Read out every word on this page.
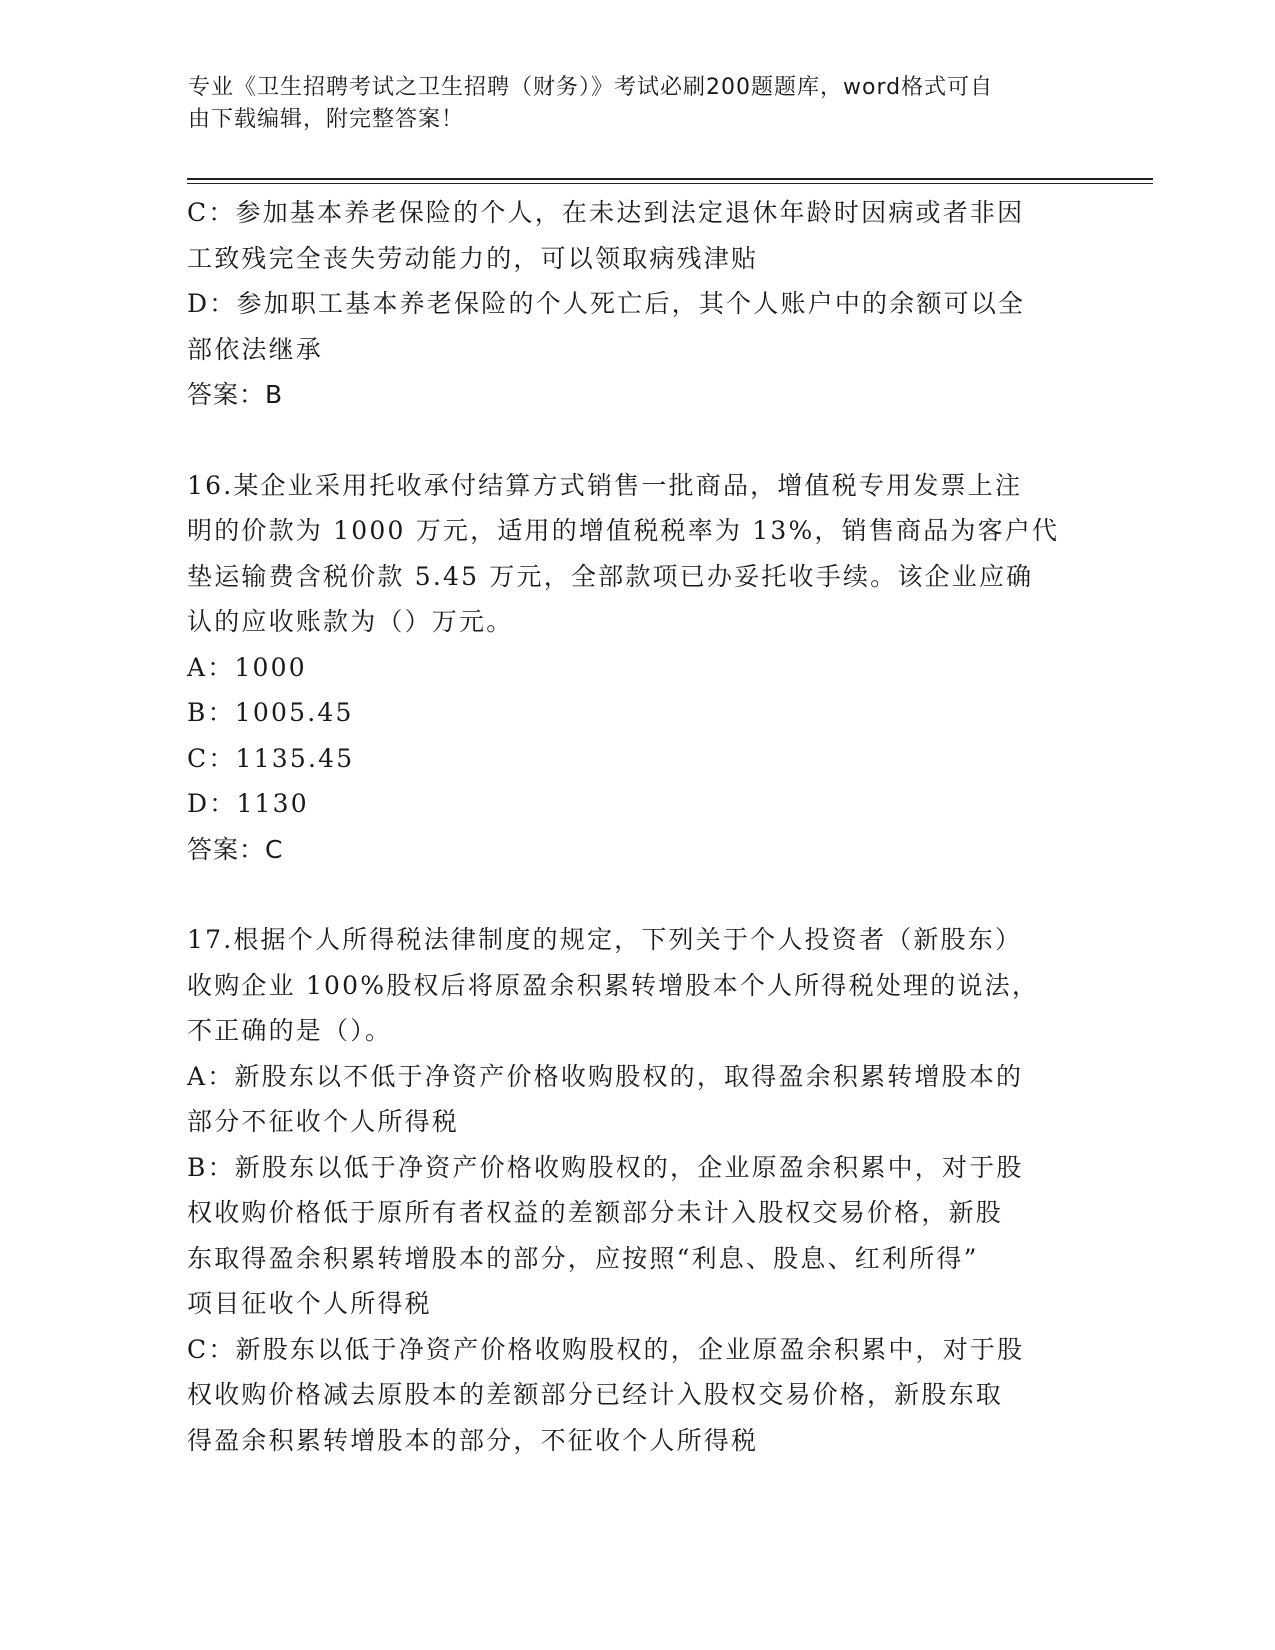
专业《卫生招聘考试之卫生招聘（财务）》考试必刷200题题库，word格式可自
由下载编辑，附完整答案！
C：参加基本养老保险的个人，在未达到法定退休年龄时因病或者非因
工致残完全丧失劳动能力的，可以领取病残津贴
D：参加职工基本养老保险的个人死亡后，其个人账户中的余额可以全
部依法继承
答案：B
16.某企业采用托收承付结算方式销售一批商品，增值税专用发票上注
明的价款为 1000 万元，适用的增值税税率为 13%，销售商品为客户代
垫运输费含税价款 5.45 万元，全部款项已办妥托收手续。该企业应确
认的应收账款为（）万元。
A：1000
B：1005.45
C：1135.45
D：1130
答案：C
17.根据个人所得税法律制度的规定，下列关于个人投资者（新股东）
收购企业 100%股权后将原盈余积累转增股本个人所得税处理的说法，
不正确的是（）。
A：新股东以不低于净资产价格收购股权的，取得盈余积累转增股本的
部分不征收个人所得税
B：新股东以低于净资产价格收购股权的，企业原盈余积累中，对于股
权收购价格低于原所有者权益的差额部分未计入股权交易价格，新股
东取得盈余积累转增股本的部分，应按照“利息、股息、红利所得”
项目征收个人所得税
C：新股东以低于净资产价格收购股权的，企业原盈余积累中，对于股
权收购价格减去原股本的差额部分已经计入股权交易价格，新股东取
得盈余积累转增股本的部分，不征收个人所得税
